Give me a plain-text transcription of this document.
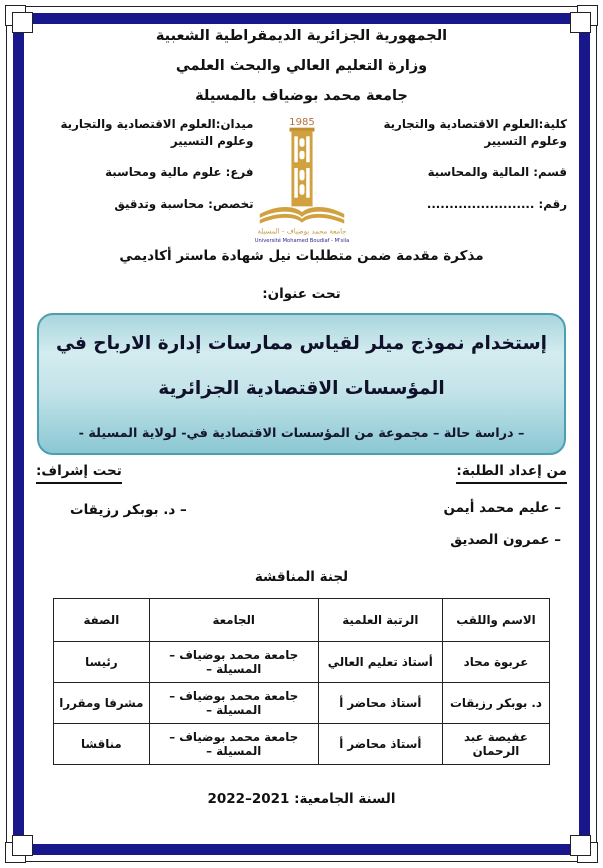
الجمهورية الجزائرية الديمقراطية الشعبية
وزارة التعليم العالي والبحث العلمي
جامعة محمد بوضياف بالمسيلة
كلية:العلوم الاقتصادية والتجارية وعلوم التسيير
قسم: المالية والمحاسبة
رقم: ........................
1985
جامعة محمد بوضياف - المسيلة
Université Mohamed Boudiaf - M'sila
ميدان:العلوم الاقتصادية والتجارية وعلوم التسيير
فرع: علوم مالية ومحاسبة
تخصص: محاسبة وتدقيق
مذكرة مقدمة ضمن متطلبات نيل شهادة ماستر أكاديمي
تحت عنوان:
إستخدام نموذج ميلر لقياس ممارسات إدارة الارباح في
المؤسسات الاقتصادية الجزائرية
– دراسة حالة – مجموعة من المؤسسات الاقتصادية في- لولاية المسيلة -
من إعداد الطلبة:
– عليم محمد أيمن
– عمرون الصديق
تحت إشراف:
– د. بوبكر رزيقات
لجنة المناقشة
الاسم واللقب	الرتبة العلمية	الجامعة	الصفة
عربوة محاد	أستاذ تعليم العالي	جامعة محمد بوضياف – المسيلة –	رئيسا
د. بوبكر رزيقات	أستاذ محاضر أ	جامعة محمد بوضياف – المسيلة –	مشرفا ومقررا
عفيصة عبد الرحمان	أستاذ محاضر أ	جامعة محمد بوضياف – المسيلة –	مناقشا
السنة الجامعية: 2021–2022
